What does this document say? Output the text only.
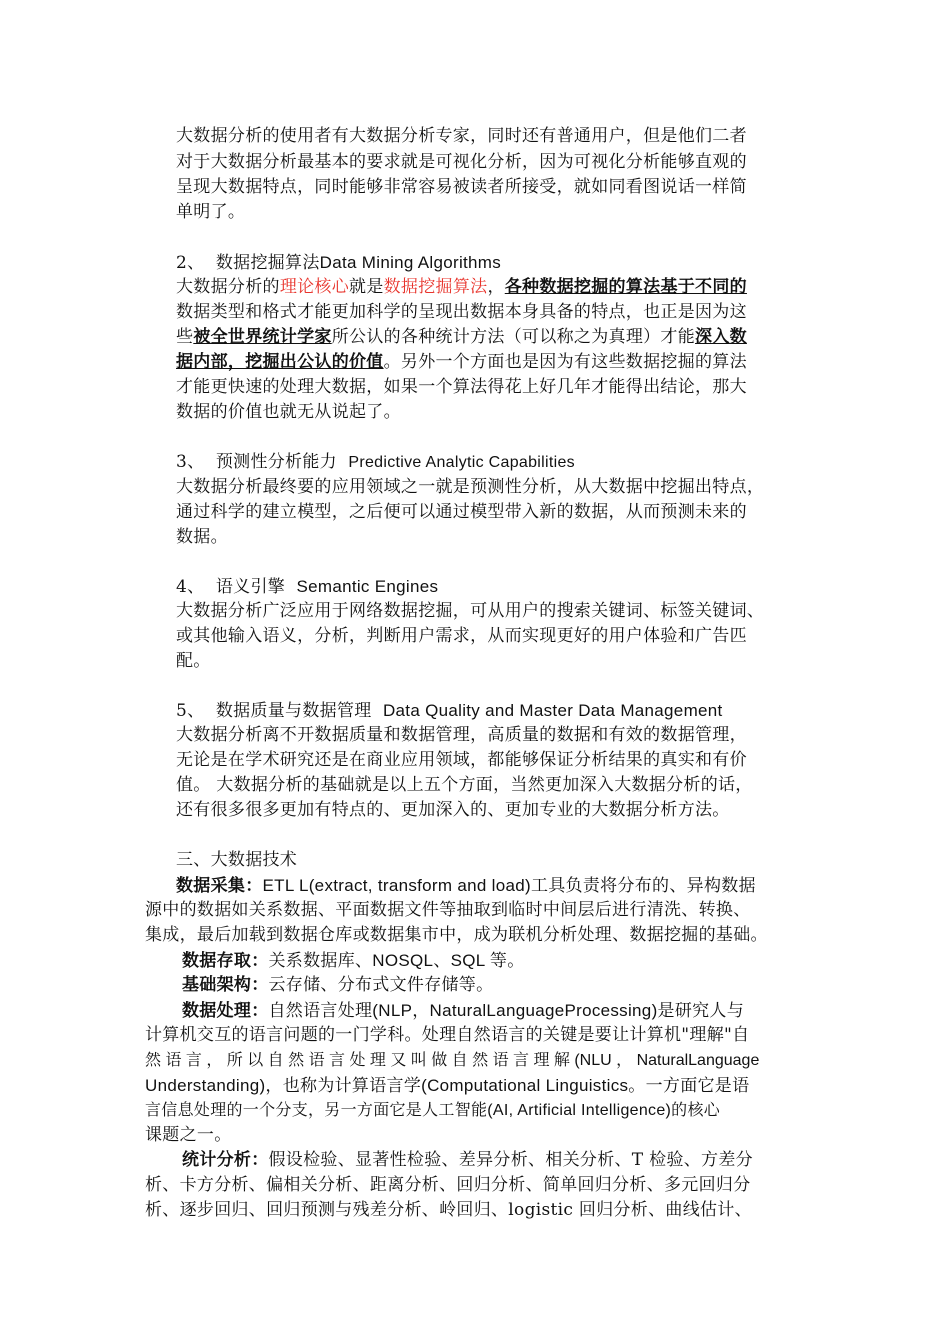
大数据分析的使用者有大数据分析专家，同时还有普通用户，但是他们二者
对于大数据分析最基本的要求就是可视化分析，因为可视化分析能够直观的
呈现大数据特点，同时能够非常容易被读者所接受，就如同看图说话一样简
单明了。
2、 数据挖掘算法Data Mining Algorithms
大数据分析的理论核心就是数据挖掘算法，各种数据挖掘的算法基于不同的
数据类型和格式才能更加科学的呈现出数据本身具备的特点，也正是因为这
些被全世界统计学家所公认的各种统计方法（可以称之为真理）才能深入数
据内部，挖掘出公认的价值。另外一个方面也是因为有这些数据挖掘的算法
才能更快速的处理大数据，如果一个算法得花上好几年才能得出结论，那大
数据的价值也就无从说起了。
3、 预测性分析能力 Predictive Analytic Capabilities
大数据分析最终要的应用领域之一就是预测性分析，从大数据中挖掘出特点，
通过科学的建立模型，之后便可以通过模型带入新的数据，从而预测未来的
数据。
4、 语义引擎 Semantic Engines
大数据分析广泛应用于网络数据挖掘，可从用户的搜索关键词、标签关键词、
或其他输入语义，分析，判断用户需求，从而实现更好的用户体验和广告匹
配。
5、 数据质量与数据管理 Data Quality and Master Data Management
大数据分析离不开数据质量和数据管理，高质量的数据和有效的数据管理，
无论是在学术研究还是在商业应用领域，都能够保证分析结果的真实和有价
值。 大数据分析的基础就是以上五个方面，当然更加深入大数据分析的话，
还有很多很多更加有特点的、更加深入的、更加专业的大数据分析方法。
三、大数据技术
数据采集：ETL L(extract, transform and load)工具负责将分布的、异构数据
源中的数据如关系数据、平面数据文件等抽取到临时中间层后进行清洗、转换、
集成，最后加载到数据仓库或数据集市中，成为联机分析处理、数据挖掘的基础。
数据存取：关系数据库、NOSQL、SQL 等。
基础架构：云存储、分布式文件存储等。
数据处理：自然语言处理(NLP，NaturalLanguageProcessing)是研究人与
计算机交互的语言问题的一门学科。处理自然语言的关键是要让计算机"理解"自
然 语 言 ， 所 以 自 然 语 言 处 理 又 叫 做 自 然 语 言 理 解 (NLU ， NaturalLanguage
Understanding)，也称为计算语言学(Computational Linguistics。一方面它是语
言信息处理的一个分支，另一方面它是人工智能(AI, Artificial Intelligence)的核心
课题之一。
统计分析：假设检验、显著性检验、差异分析、相关分析、T 检验、方差分
析、卡方分析、偏相关分析、距离分析、回归分析、简单回归分析、多元回归分
析、逐步回归、回归预测与残差分析、岭回归、logistic 回归分析、曲线估计、
